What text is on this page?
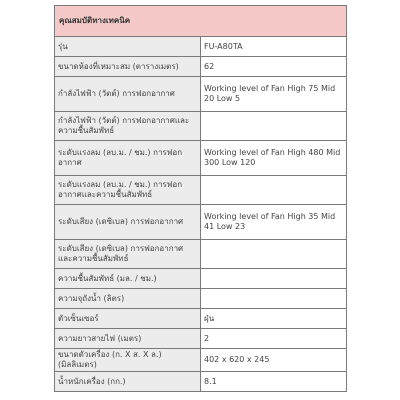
คุณสมบัติทางเทคนิค	
รุ่น	FU-A80TA
ขนาดห้องที่เหมาะสม (ตารางเมตร)	62
กำลังไฟฟ้า (วัตต์) การฟอกอากาศ	Working level of Fan High 75 Mid 20 Low 5
กำลังไฟฟ้า (วัตต์) การฟอกอากาศและความชื้นสัมพัทธ์	
ระดับแรงลม (ลบ.ม. / ชม.) การฟอกอากาศ	Working level of Fan High 480 Mid 300 Low 120
ระดับแรงลม (ลบ.ม. / ชม.) การฟอกอากาศและความชื้นสัมพัทธ์	
ระดับเสียง (เดซิเบล) การฟอกอากาศ	Working level of Fan High 35 Mid 41 Low 23
ระดับเสียง (เดซิเบล) การฟอกอากาศและความชื้นสัมพัทธ์	
ความชื้นสัมพัทธ์ (มล. / ชม.)	
ความจุถังน้ำ (ลิตร)	
ตัวเซ็นเซอร์	ฝุ่น
ความยาวสายไฟ (เมตร)	2
ขนาดตัวเครื่อง (ก. X ส. X ล.) (มิลลิเมตร)	402 x 620 x 245
น้ำหนักเครื่อง (กก.)	8.1
